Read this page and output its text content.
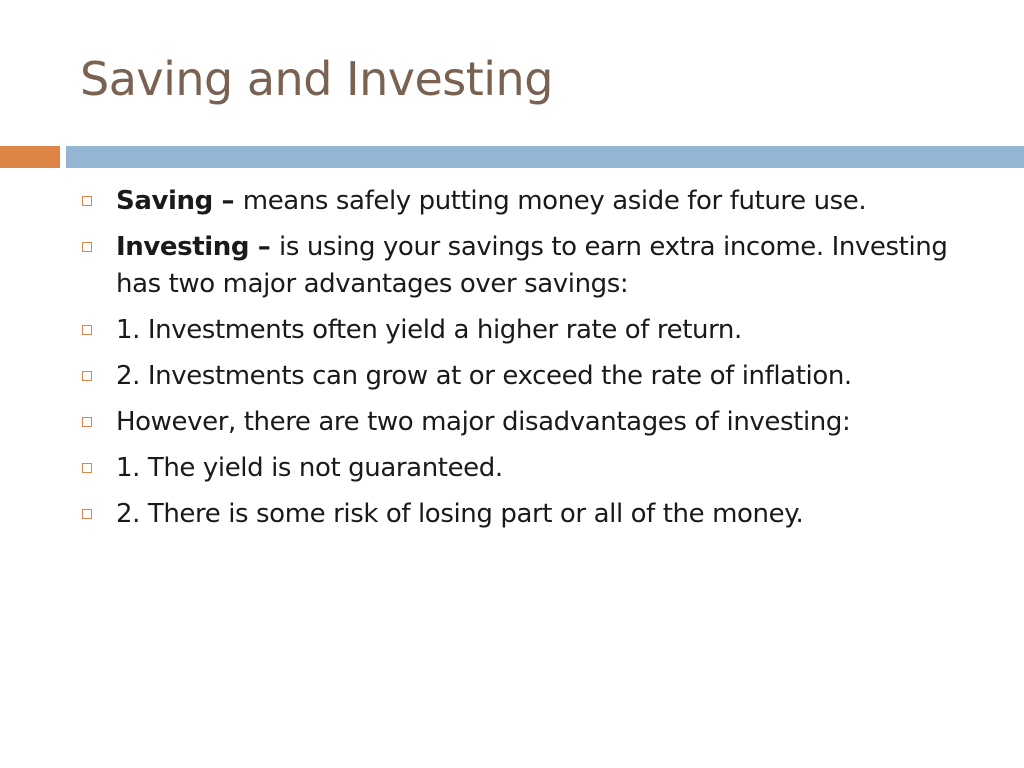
Saving and Investing
Saving – means safely putting money aside for future use.
Investing – is using your savings to earn extra income. Investing has two major advantages over savings:
1. Investments often yield a higher rate of return.
2. Investments can grow at or exceed the rate of inflation.
However, there are two major disadvantages of investing:
1. The yield is not guaranteed.
2. There is some risk of losing part or all of the money.
